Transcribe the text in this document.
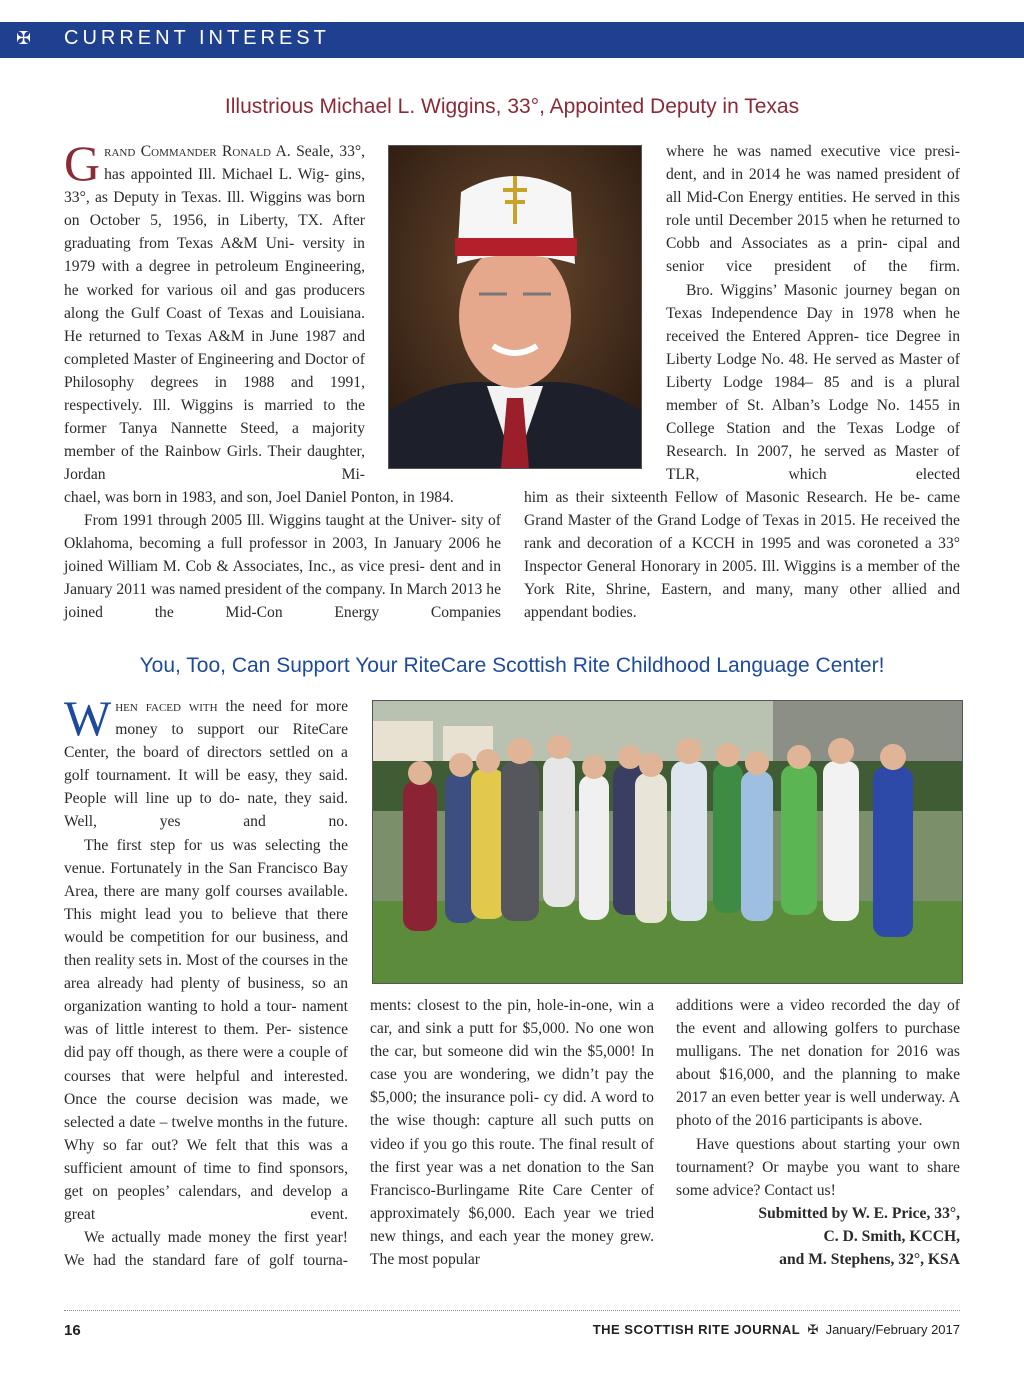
✠ CURRENT INTEREST
Illustrious Michael L. Wiggins, 33°, Appointed Deputy in Texas
G rand Commander Ronald A. Seale, 33°, has appointed Ill. Michael L. Wig- gins, 33°, as Deputy in Texas. Ill. Wiggins was born on October 5, 1956, in Liberty, TX. After graduating from Texas A&M Uni- versity in 1979 with a degree in petroleum Engineering, he worked for various oil and gas producers along the Gulf Coast of Texas and Louisiana. He returned to Texas A&M in June 1987 and completed Master of Engineering and Doctor of Philosophy degrees in 1988 and 1991, respectively. Ill. Wiggins is married to the former Tanya Nannette Steed, a majority member of the Rainbow Girls. Their daughter, Jordan Mi-

chael, was born in 1983, and son, Joel Daniel Ponton, in 1984.

From 1991 through 2005 Ill. Wiggins taught at the Univer- sity of Oklahoma, becoming a full professor in 2003, In January 2006 he joined William M. Cob & Associates, Inc., as vice presi- dent and in January 2011 was named president of the company. In March 2013 he joined the Mid-Con Energy Companies

where he was named executive vice presi- dent, and in 2014 he was named president of all Mid-Con Energy entities. He served in this role until December 2015 when he returned to Cobb and Associates as a prin- cipal and senior vice president of the firm.

Bro. Wiggins’ Masonic journey began on Texas Independence Day in 1978 when he received the Entered Appren- tice Degree in Liberty Lodge No. 48. He served as Master of Liberty Lodge 1984– 85 and is a plural member of St. Alban’s Lodge No. 1455 in College Station and the Texas Lodge of Research. In 2007, he served as Master of TLR, which elected

him as their sixteenth Fellow of Masonic Research. He be- came Grand Master of the Grand Lodge of Texas in 2015. He received the rank and decoration of a KCCH in 1995 and was coroneted a 33° Inspector General Honorary in 2005. Ill. Wiggins is a member of the York Rite, Shrine, Eastern, and many, many other allied and appendant bodies.

You, Too, Can Support Your RiteCare Scottish Rite Childhood Language Center!
W hen faced with the need for more money to support our RiteCare Center, the board of directors settled on a golf tournament. It will be easy, they said. People will line up to do- nate, they said. Well, yes and no.

The first step for us was selecting the venue. Fortunately in the San Francisco Bay Area, there are many golf courses available. This might lead you to believe that there would be competition for our business, and then reality sets in. Most of the courses in the area already had plenty of business, so an organization wanting to hold a tour- nament was of little interest to them. Per- sistence did pay off though, as there were a couple of courses that were helpful and interested. Once the course decision was made, we selected a date – twelve months in the future. Why so far out? We felt that this was a sufficient amount of time to find sponsors, get on peoples’ calendars, and develop a great event.

We actually made money the first year! We had the standard fare of golf tourna-

ments: closest to the pin, hole-in-one, win a car, and sink a putt for $5,000. No one won the car, but someone did win the $5,000! In case you are wondering, we didn’t pay the $5,000; the insurance poli- cy did. A word to the wise though: capture all such putts on video if you go this route. The final result of the first year was a net donation to the San Francisco-Burlingame Rite Care Center of approximately $6,000. Each year we tried new things, and each year the money grew. The most popular

additions were a video recorded the day of the event and allowing golfers to purchase mulligans. The net donation for 2016 was about $16,000, and the planning to make 2017 an even better year is well underway. A photo of the 2016 participants is above.

Have questions about starting your own tournament? Or maybe you want to share some advice? Contact us!

Submitted by W. E. Price, 33°,

C. D. Smith, KCCH,

and M. Stephens, 32°, KSA

16	THE SCOTTISH RITE JOURNAL ✠ January/February 2017
